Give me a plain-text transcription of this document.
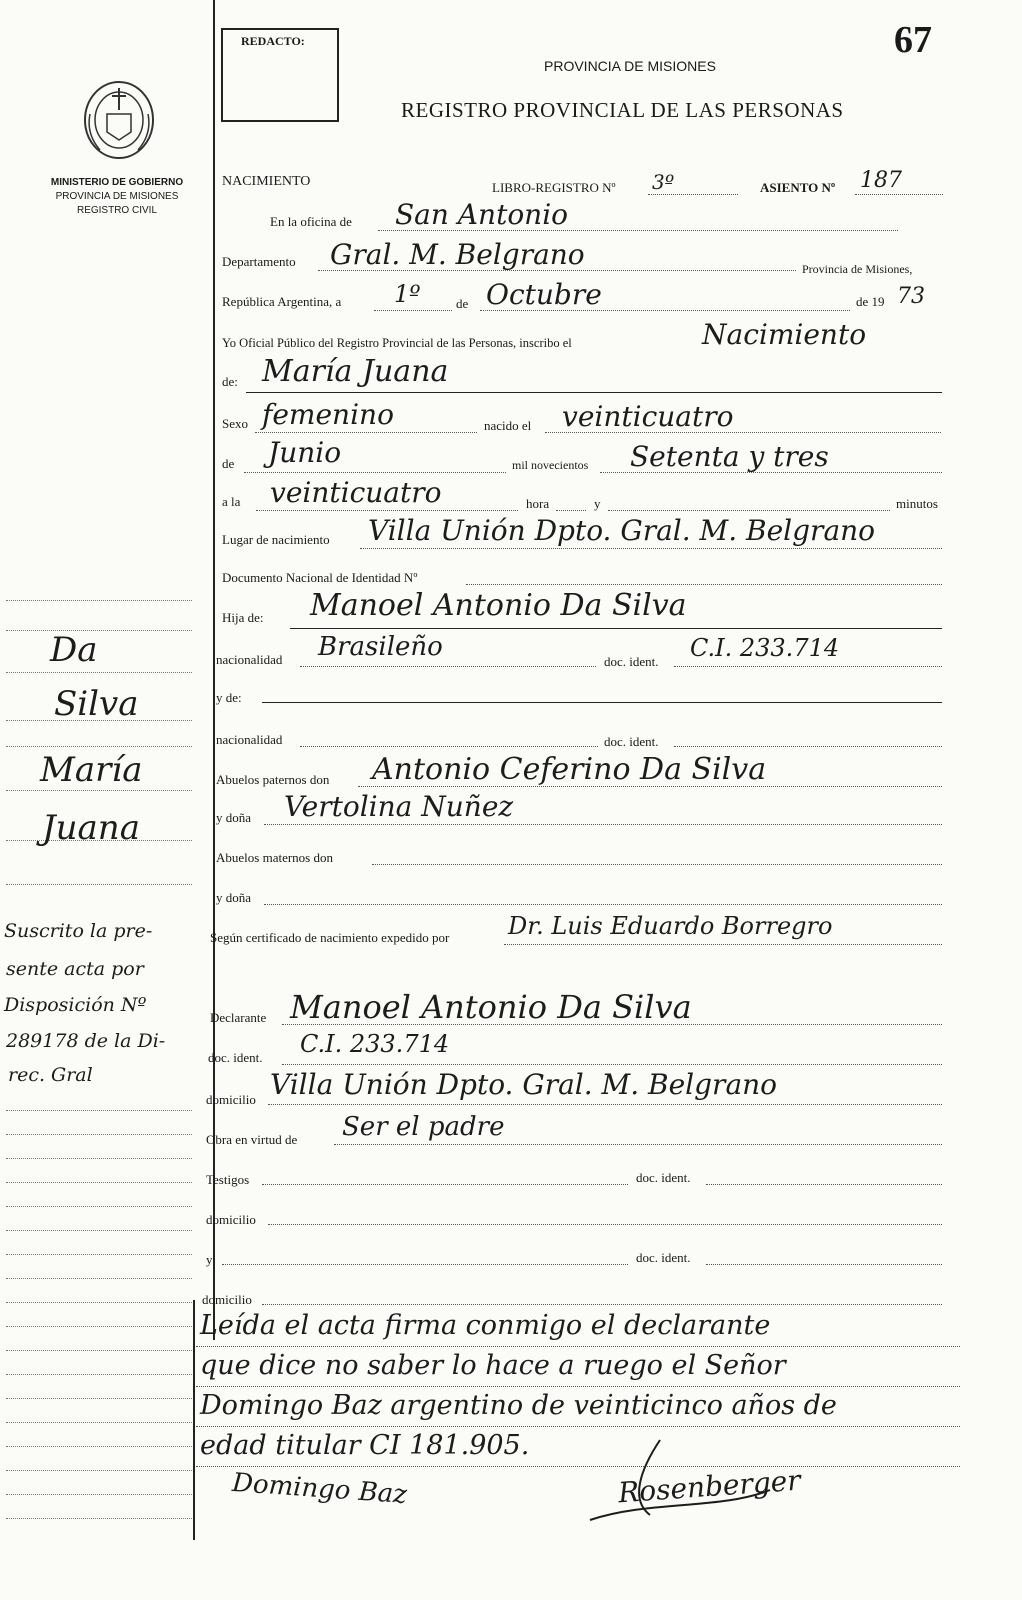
67
REDACTO:
PROVINCIA DE MISIONES
REGISTRO PROVINCIAL DE LAS PERSONAS
MINISTERIO DE GOBIERNO
PROVINCIA DE MISIONES
REGISTRO CIVIL
NACIMIENTO	LIBRO-REGISTRO Nº 3º	ASIENTO Nº 187
En la oficina de San Antonio
Departamento Gral. M. Belgrano	Provincia de Misiones,
República Argentina, a 1º	de Octubre	de 19 73
Yo Oficial Público del Registro Provincial de las Personas, inscribo el	Nacimiento
de: María Juana
Sexo femenino	nacido el veinticuatro
de Junio	mil novecientos Setenta y tres
a la veinticuatro	hora	y	minutos
Lugar de nacimiento Villa Unión Dpto. Gral. M. Belgrano
Documento Nacional de Identidad Nº
Hija de: Manoel Antonio Da Silva
nacionalidad Brasileño	doc. ident. C.I. 233.714
y de:
nacionalidad	doc. ident.
Abuelos paternos don Antonio Ceferino Da Silva
y doña Vertolina Nuñez
Abuelos maternos don
y doña
Según certificado de nacimiento expedido por Dr. Luis Eduardo Borregro
Declarante Manoel Antonio Da Silva
doc. ident. C.I. 233.714
domicilio Villa Unión Dpto. Gral. M. Belgrano
Obra en virtud de Ser el padre
Testigos	doc. ident.
domicilio
y	doc. ident.
domicilio
Leída el acta firma conmigo el declarante
que dice no saber lo hace a ruego el Señor
Domingo Baz argentino de veinticinco años de
edad titular CI 181.905.
Domingo Baz	Rosenberger
Da
Silva
María
Juana
Suscrito la pre-
sente acta por
Disposición Nº
289178 de la Di-
rec. Gral
